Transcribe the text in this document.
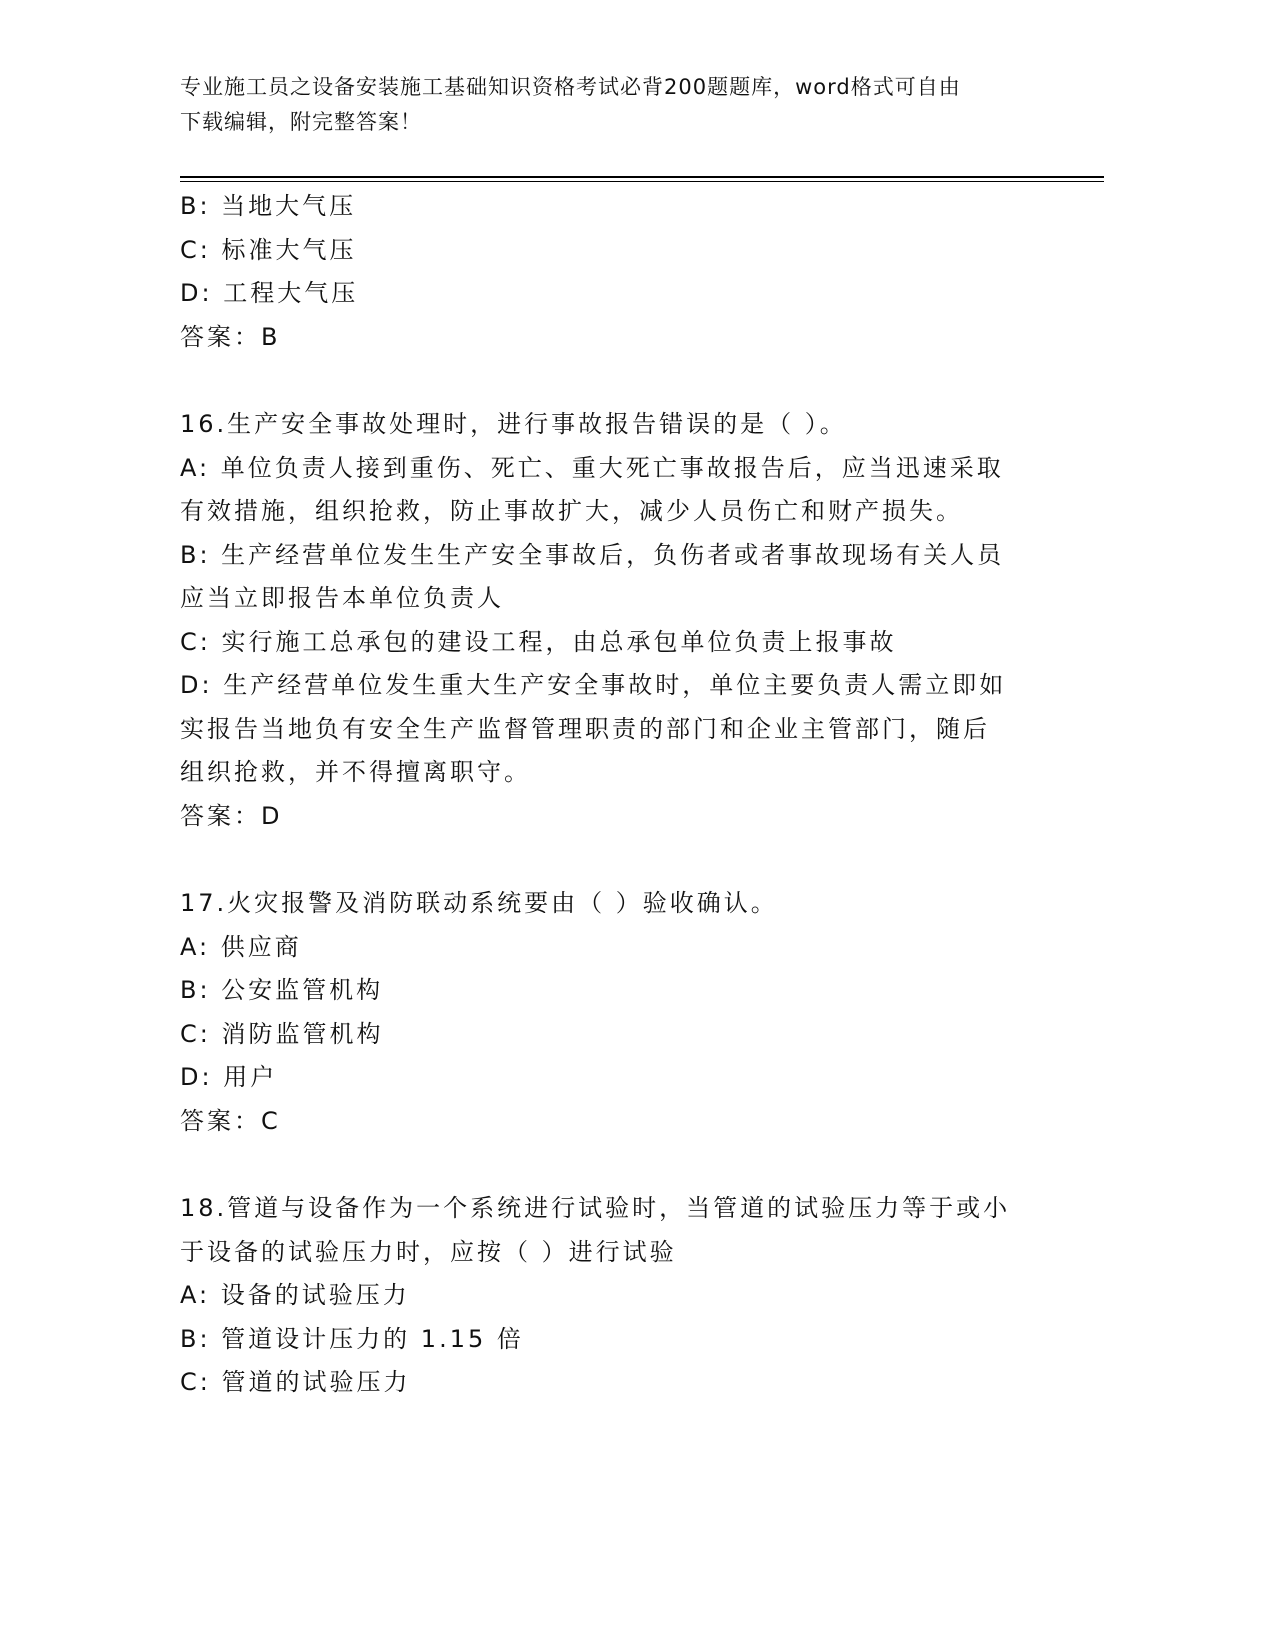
专业施工员之设备安装施工基础知识资格考试必背200题题库，word格式可自由
下载编辑，附完整答案！
B: 当地大气压
C: 标准大气压
D: 工程大气压
答案：B
16.生产安全事故处理时，进行事故报告错误的是（ ）。
A: 单位负责人接到重伤、死亡、重大死亡事故报告后，应当迅速采取
有效措施，组织抢救，防止事故扩大，减少人员伤亡和财产损失。
B: 生产经营单位发生生产安全事故后，负伤者或者事故现场有关人员
应当立即报告本单位负责人
C: 实行施工总承包的建设工程，由总承包单位负责上报事故
D: 生产经营单位发生重大生产安全事故时，单位主要负责人需立即如
实报告当地负有安全生产监督管理职责的部门和企业主管部门，随后
组织抢救，并不得擅离职守。
答案：D
17.火灾报警及消防联动系统要由（ ）验收确认。
A: 供应商
B: 公安监管机构
C: 消防监管机构
D: 用户
答案：C
18.管道与设备作为一个系统进行试验时，当管道的试验压力等于或小
于设备的试验压力时，应按（ ）进行试验
A: 设备的试验压力
B: 管道设计压力的 1.15 倍
C: 管道的试验压力
